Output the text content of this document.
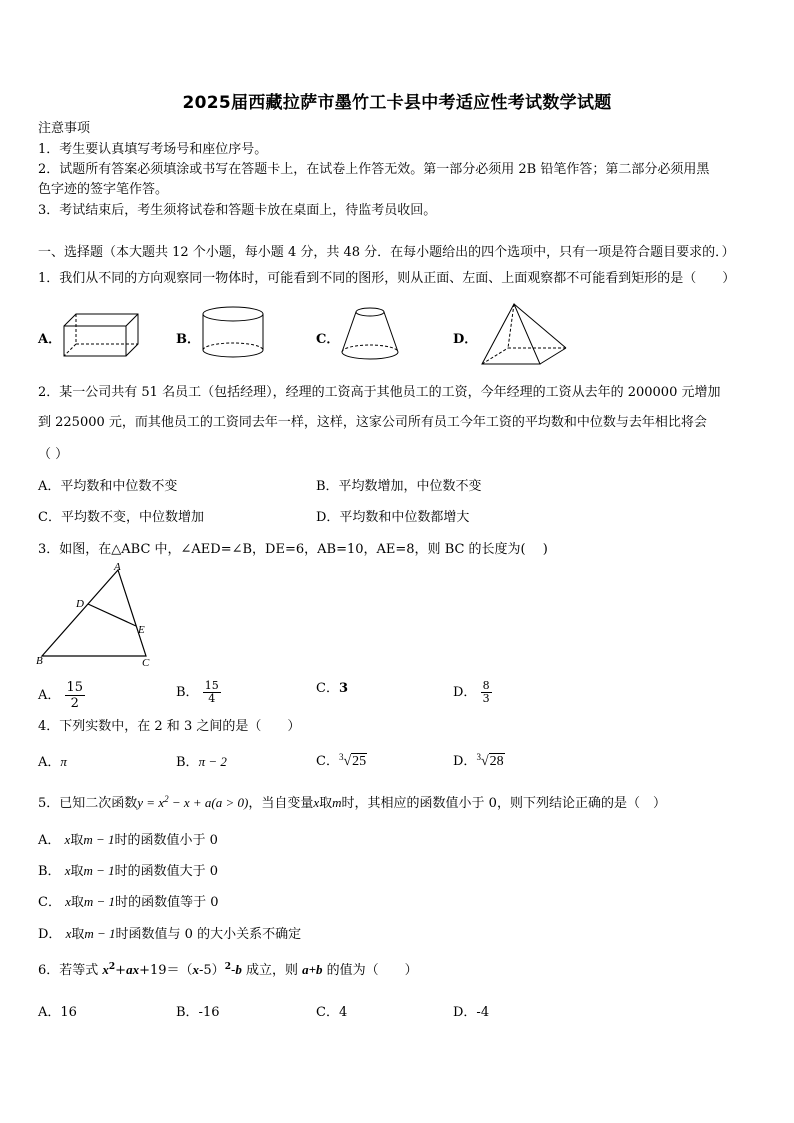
2025届西藏拉萨市墨竹工卡县中考适应性考试数学试题
注意事项
1．考生要认真填写考场号和座位序号。
2．试题所有答案必须填涂或书写在答题卡上，在试卷上作答无效。第一部分必须用 2B 铅笔作答；第二部分必须用黑
色字迹的签字笔作答。
3．考试结束后，考生须将试卷和答题卡放在桌面上，待监考员收回。
一、选择题（本大题共 12 个小题，每小题 4 分，共 48 分．在每小题给出的四个选项中，只有一项是符合题目要求的．）
1．我们从不同的方向观察同一物体时，可能看到不同的图形，则从正面、左面、上面观察都不可能看到矩形的是（　　）
A．	B．	C．	D．
2．某一公司共有 51 名员工（包括经理），经理的工资高于其他员工的工资，今年经理的工资从去年的 200000 元增加
到 225000 元，而其他员工的工资同去年一样，这样，这家公司所有员工今年工资的平均数和中位数与去年相比将会
（ ）
A．平均数和中位数不变	B．平均数增加，中位数不变
C．平均数不变，中位数增加	D．平均数和中位数都增大
3．如图，在△ABC 中，∠AED=∠B，DE=6，AB=10，AE=8，则 BC 的长度为(　 )
A
D
E
B	C
A． $\frac{15}{2}$	B． $\frac{15}{4}$	C．3	D． $\frac{8}{3}$
4．下列实数中，在 2 和 3 之间的是（　　）
A．π	B．π − 2	C．$^3$√25	D．$^3$√28
5．已知二次函数$y = x^2 - x + a(a > 0)$，当自变量x取m时，其相应的函数值小于 0，则下列结论正确的是（　）
A． x取m − 1时的函数值小于 0
B． x取m − 1时的函数值大于 0
C． x取m − 1时的函数值等于 0
D． x取m − 1时函数值与 0 的大小关系不确定
6．若等式 $x^2+ax+19=(x-5)^2-b$ 成立，则 a+b 的值为（　　）
A．16	B．-16	C．4	D．-4
